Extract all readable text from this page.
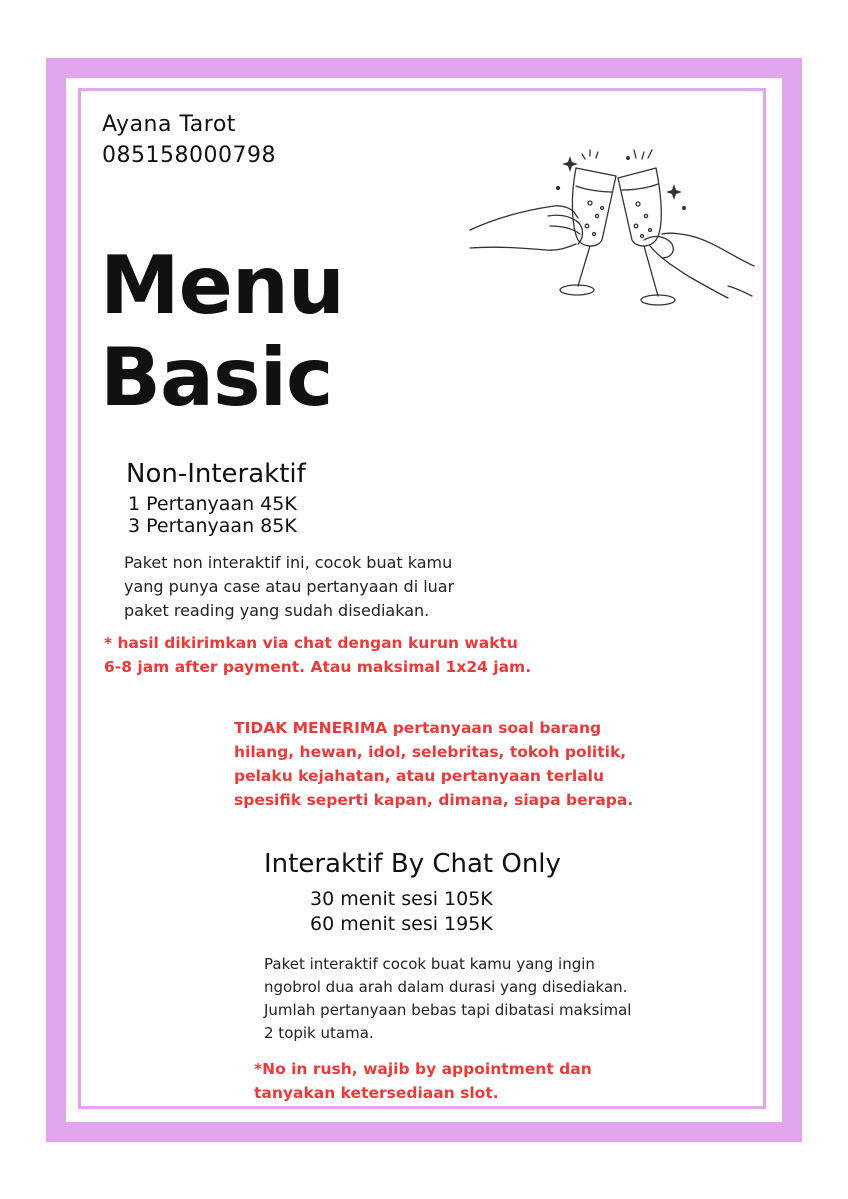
Ayana Tarot

085158000798

Menu
Basic

Non-Interaktif

1 Pertanyaan 45K

3 Pertanyaan 85K

Paket non interaktif ini, cocok buat kamu yang punya case atau pertanyaan di luar paket reading yang sudah disediakan.

* hasil dikirimkan via chat dengan kurun waktu 6-8 jam after payment. Atau maksimal 1x24 jam.

TIDAK MENERIMA pertanyaan soal barang hilang, hewan, idol, selebritas, tokoh politik, pelaku kejahatan, atau pertanyaan terlalu spesifik seperti kapan, dimana, siapa berapa.

Interaktif By Chat Only

30 menit sesi 105K

60 menit sesi 195K

Paket interaktif cocok buat kamu yang ingin ngobrol dua arah dalam durasi yang disediakan. Jumlah pertanyaan bebas tapi dibatasi maksimal 2 topik utama.

*No in rush, wajib by appointment dan tanyakan ketersediaan slot.
